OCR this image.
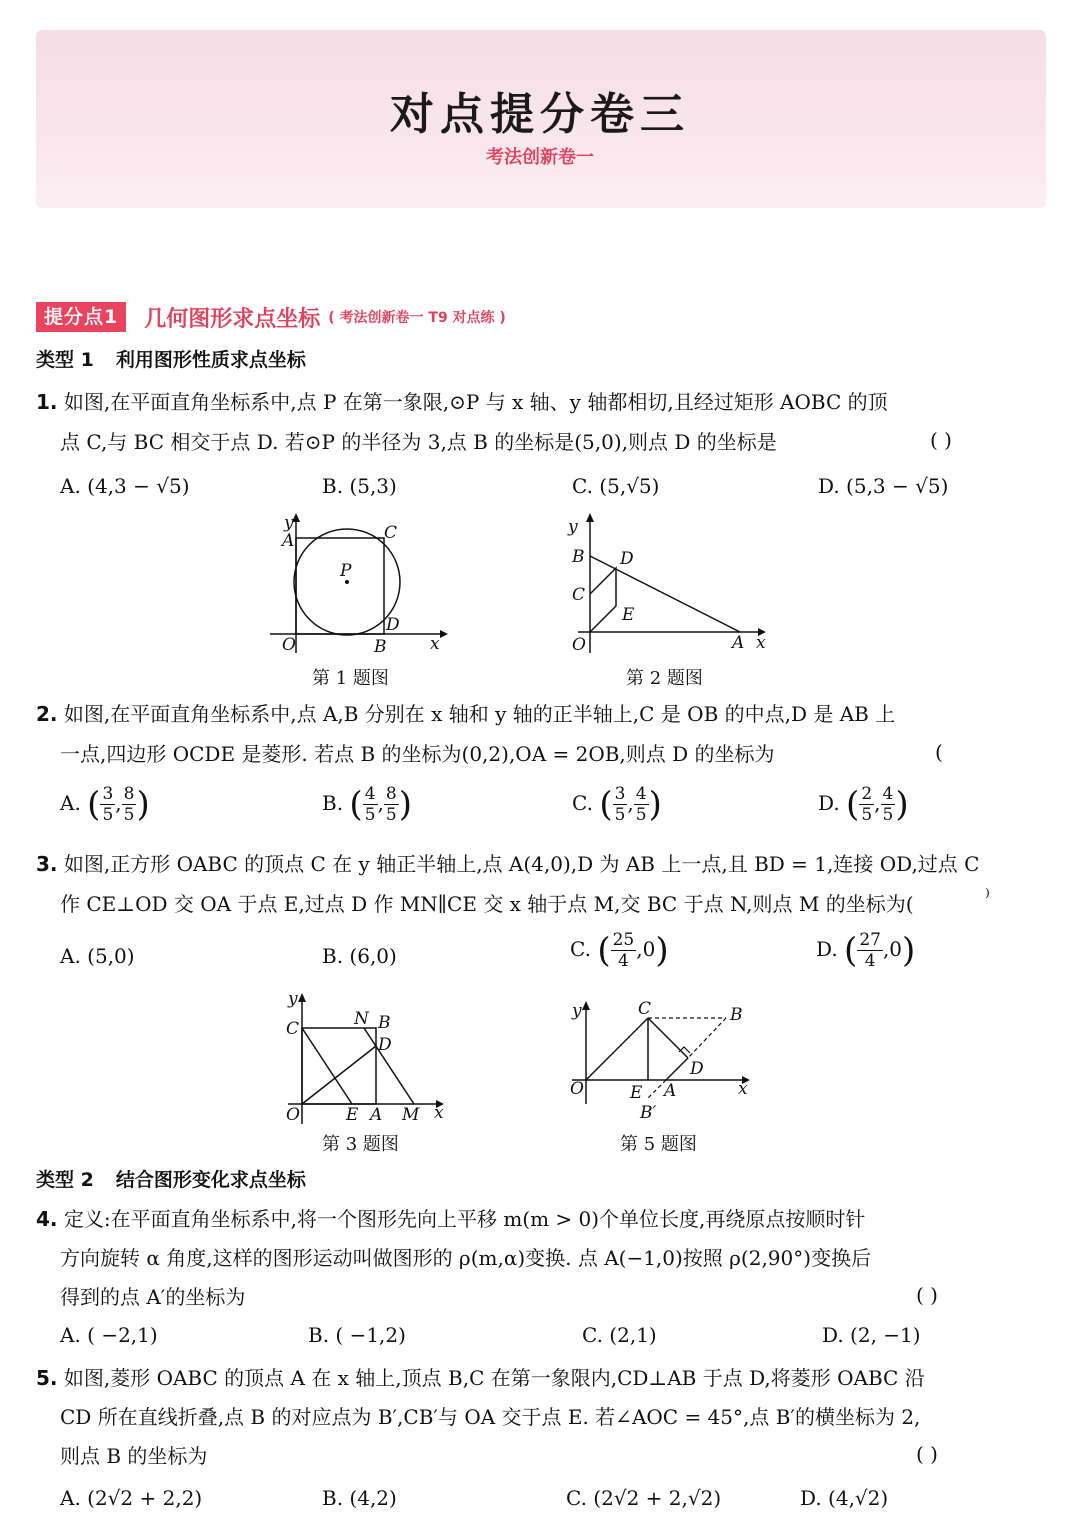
对点提分卷三
考法创新卷一
提分点1	几何图形求点坐标 ( 考法创新卷一 T9 对点练 )
类型 1 利用图形性质求点坐标
1. 如图,在平面直角坐标系中,点 P 在第一象限,⊙P 与 x 轴、y 轴都相切,且经过矩形 AOBC 的顶
点 C,与 BC 相交于点 D. 若⊙P 的半径为 3,点 B 的坐标是(5,0),则点 D 的坐标是	( )
A. (4,3 − √5)	B. (5,3)	C. (5,√5)	D. (5,3 − √5)
y
A	C
P
D
O	B	x
第 1 题图
y
B D
C
E
O	A x
第 2 题图
2. 如图,在平面直角坐标系中,点 A,B 分别在 x 轴和 y 轴的正半轴上,C 是 OB 的中点,D 是 AB 上
一点,四边形 OCDE 是菱形. 若点 B 的坐标为(0,2),OA = 2OB,则点 D 的坐标为	(
A. ( $\frac{3}{5}$ , $\frac{8}{5}$ )	B. ( $\frac{4}{5}$ , $\frac{8}{5}$ )	C. ( $\frac{3}{5}$ , $\frac{4}{5}$ )	D. ( $\frac{2}{5}$ , $\frac{4}{5}$ )
3. 如图,正方形 OABC 的顶点 C 在 y 轴正半轴上,点 A(4,0),D 为 AB 上一点,且 BD = 1,连接 OD,过点 C
作 CE⊥OD 交 OA 于点 E,过点 D 作 MN∥CE 交 x 轴于点 M,交 BC 于点 N,则点 M 的坐标为(	⁾
A. (5,0)	B. (6,0)	C. ( $\frac{25}{4} ,0$)	D. ( $\frac{27}{4} ,0$)
y
C	N B
D
O	E A M x
第 3 题图
y	C	B
D
O	E A
B′
x
第 5 题图
类型 2 结合图形变化求点坐标
4. 定义:在平面直角坐标系中,将一个图形先向上平移 m(m > 0)个单位长度,再绕原点按顺时针
方向旋转 α 角度,这样的图形运动叫做图形的 ρ(m,α)变换. 点 A(−1,0)按照 ρ(2,90°)变换后
得到的点 A′的坐标为	( )
A. ( −2,1)	B. ( −1,2)	C. (2,1)	D. (2, −1)
5. 如图,菱形 OABC 的顶点 A 在 x 轴上,顶点 B,C 在第一象限内,CD⊥AB 于点 D,将菱形 OABC 沿
CD 所在直线折叠,点 B 的对应点为 B′,CB′与 OA 交于点 E. 若∠AOC = 45°,点 B′的横坐标为 2,
则点 B 的坐标为	( )
A. (2√2 + 2,2)	B. (4,2)	C. (2√2 + 2,√2)	D. (4,√2)
